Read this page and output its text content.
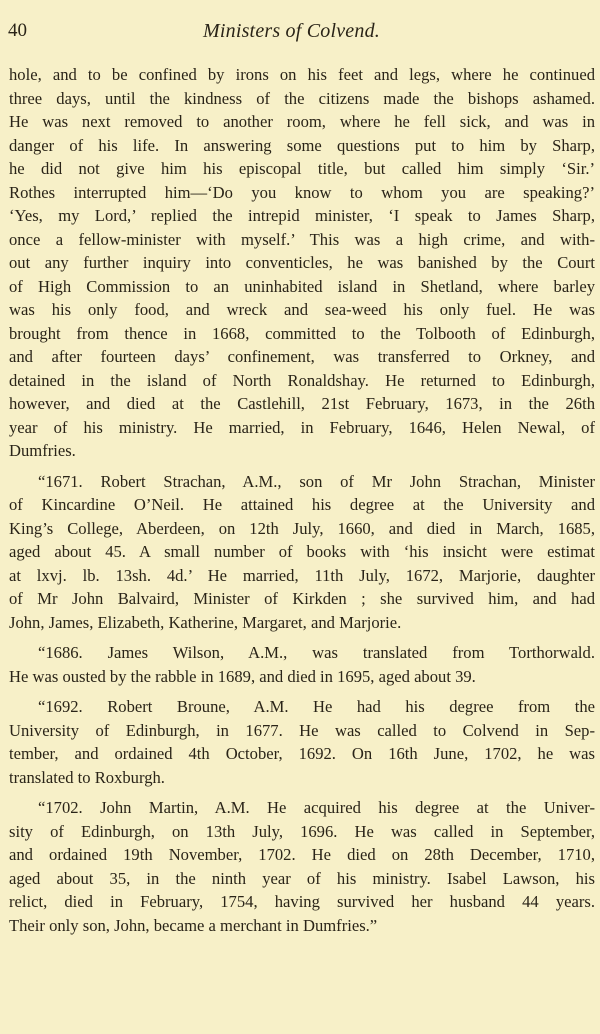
40	Ministers of Colvend.
hole, and to be confined by irons on his feet and legs, where he continued
three days, until the kindness of the citizens made the bishops ashamed.
He was next removed to another room, where he fell sick, and was in
danger of his life. In answering some questions put to him by Sharp,
he did not give him his episcopal title, but called him simply ‘Sir.’
Rothes interrupted him—‘Do you know to whom you are speaking?’
‘Yes, my Lord,’ replied the intrepid minister, ‘I speak to James Sharp,
once a fellow-minister with myself.’ This was a high crime, and with-
out any further inquiry into conventicles, he was banished by the Court
of High Commission to an uninhabited island in Shetland, where barley
was his only food, and wreck and sea-weed his only fuel. He was
brought from thence in 1668, committed to the Tolbooth of Edinburgh,
and after fourteen days’ confinement, was transferred to Orkney, and
detained in the island of North Ronaldshay. He returned to Edinburgh,
however, and died at the Castlehill, 21st February, 1673, in the 26th
year of his ministry. He married, in February, 1646, Helen Newal, of
Dumfries.
“1671. Robert Strachan, A.M., son of Mr John Strachan, Minister
of Kincardine O’Neil. He attained his degree at the University and
King’s College, Aberdeen, on 12th July, 1660, and died in March, 1685,
aged about 45. A small number of books with ‘his insicht were estimat
at lxvj. lb. 13sh. 4d.’ He married, 11th July, 1672, Marjorie, daughter
of Mr John Balvaird, Minister of Kirkden ; she survived him, and had
John, James, Elizabeth, Katherine, Margaret, and Marjorie.
“1686. James Wilson, A.M., was translated from Torthorwald.
He was ousted by the rabble in 1689, and died in 1695, aged about 39.
“1692. Robert Broune, A.M. He had his degree from the
University of Edinburgh, in 1677. He was called to Colvend in Sep-
tember, and ordained 4th October, 1692. On 16th June, 1702, he was
translated to Roxburgh.
“1702. John Martin, A.M. He acquired his degree at the Univer-
sity of Edinburgh, on 13th July, 1696. He was called in September,
and ordained 19th November, 1702. He died on 28th December, 1710,
aged about 35, in the ninth year of his ministry. Isabel Lawson, his
relict, died in February, 1754, having survived her husband 44 years.
Their only son, John, became a merchant in Dumfries.”
